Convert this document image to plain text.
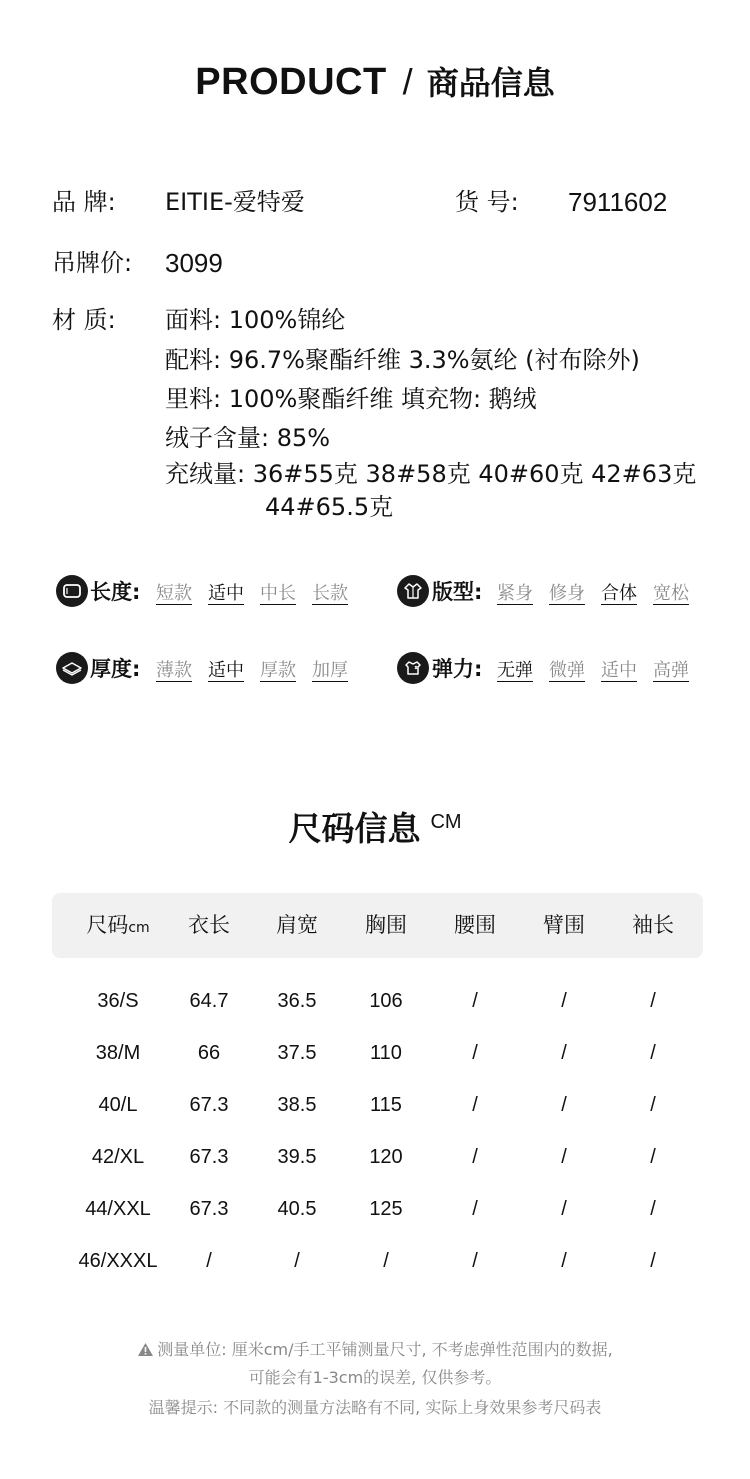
PRODUCT / 商品信息
品 牌: EITIE-爱特爱	货 号: 7911602
吊牌价: 3099
材 质: 面料: 100%锦纶
配料: 96.7%聚酯纤维 3.3%氨纶 (衬布除外)
里料: 100%聚酯纤维 填充物: 鹅绒
绒子含量: 85%
充绒量: 36#55克 38#58克 40#60克 42#63克
44#65.5克
长度: 短款 适中 中长 长款	版型: 紧身 修身 合体 宽松
厚度: 薄款 适中 厚款 加厚	弹力: 无弹 微弹 适中 高弹
尺码信息 CM
尺码cm	衣长	肩宽	胸围	腰围	臂围	袖长
36/S	64.7	36.5	106	/	/	/
38/M	66	37.5	110	/	/	/
40/L	67.3	38.5	115	/	/	/
42/XL	67.3	39.5	120	/	/	/
44/XXL	67.3	40.5	125	/	/	/
46/XXXL	/	/	/	/	/	/
测量单位: 厘米cm/手工平铺测量尺寸, 不考虑弹性范围内的数据,
可能会有1-3cm的误差, 仅供参考。
温馨提示: 不同款的测量方法略有不同, 实际上身效果参考尺码表
